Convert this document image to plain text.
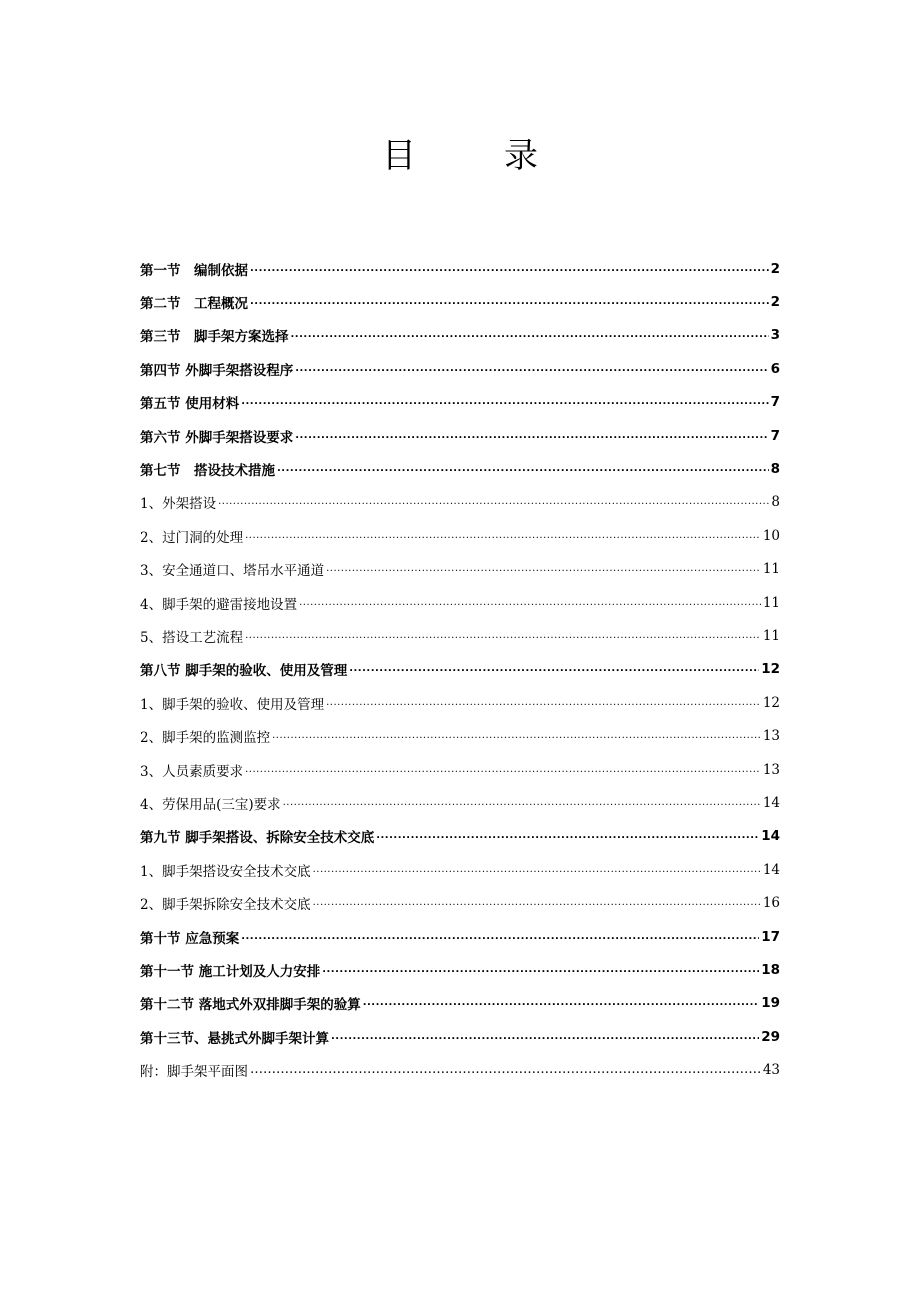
目	录
第一节　编制依据 .....	2
第二节　工程概况 .....	2
第三节　脚手架方案选择 .....	3
第四节 外脚手架搭设程序 .....	6
第五节 使用材料 .....	7
第六节 外脚手架搭设要求 .....	7
第七节　搭设技术措施 .....	8
1、外架搭设 .....	8
2、过门洞的处理 .....	10
3、安全通道口、塔吊水平通道 .....	11
4、脚手架的避雷接地设置 .....	11
5、搭设工艺流程 .....	11
第八节 脚手架的验收、使用及管理 .....	12
1、脚手架的验收、使用及管理 .....	12
2、脚手架的监测监控 .....	13
3、人员素质要求 .....	13
4、劳保用品(三宝)要求 .....	14
第九节 脚手架搭设、拆除安全技术交底 .....	14
1、脚手架搭设安全技术交底 .....	14
2、脚手架拆除安全技术交底 .....	16
第十节 应急预案 .....	17
第十一节 施工计划及人力安排 .....	18
第十二节 落地式外双排脚手架的验算 .....	19
第十三节、悬挑式外脚手架计算 .....	29
附：脚手架平面图 …………………………………………………………………………………………………………………………………………	43
